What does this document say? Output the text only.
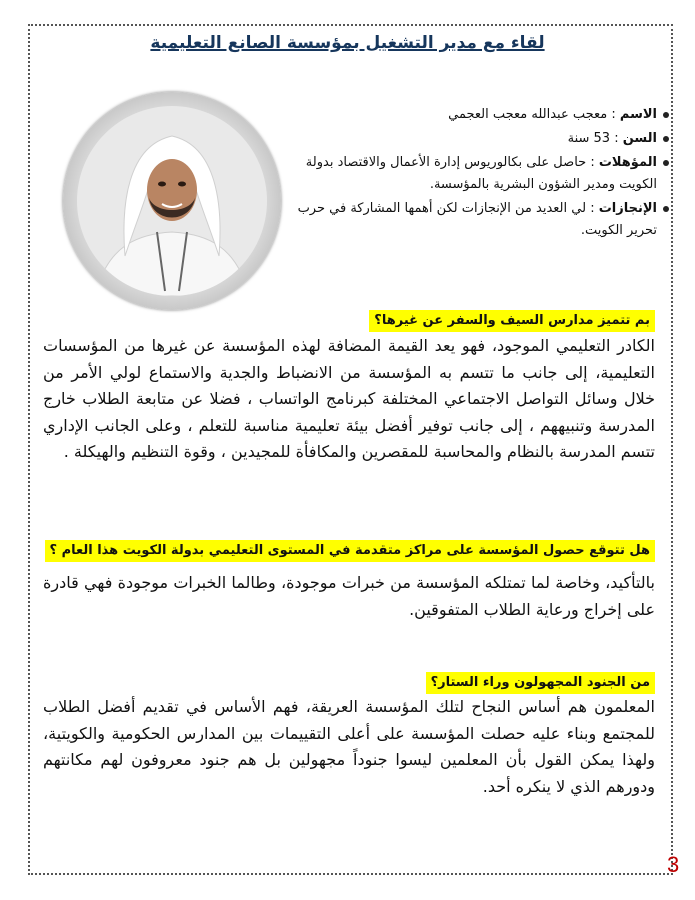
لقاء مع مدير التشغيل بمؤسسة الصانع التعليمية
الاسم : معجب عبدالله معجب العجمي
السن : 53 سنة
المؤهلات : حاصل على بكالوريوس إدارة الأعمال والاقتصاد بدولة الكويت ومدير الشؤون البشرية بالمؤسسة.
الإنجازات : لي العديد من الإنجازات لكن أهمها المشاركة في حرب تحرير الكويت.
بم تتميز مدارس السيف والسفر عن غيرها؟
الكادر التعليمي الموجود، فهو يعد القيمة المضافة لهذه المؤسسة عن غيرها من المؤسسات التعليمية، إلى جانب ما تتسم به المؤسسة من الانضباط والجدية والاستماع لولي الأمر من خلال وسائل التواصل الاجتماعي المختلفة كبرنامج الواتساب ، فضلا عن متابعة الطلاب خارج المدرسة وتنبيههم ، إلى جانب توفير أفضل بيئة تعليمية مناسبة للتعلم ، وعلى الجانب الإداري تتسم المدرسة بالنظام والمحاسبة للمقصرين والمكافأة للمجيدين ، وقوة التنظيم والهيكلة .
هل تتوقع حصول المؤسسة على مراكز متقدمة في المستوى التعليمي بدولة الكويت هذا العام ؟
بالتأكيد، وخاصة لما تمتلكه المؤسسة من خبرات موجودة، وطالما الخبرات موجودة فهي قادرة على إخراج ورعاية الطلاب المتفوقين.
من الجنود المجهولون وراء الستار؟
المعلمون هم أساس النجاح لتلك المؤسسة العريقة، فهم الأساس في تقديم أفضل الطلاب للمجتمع وبناء عليه حصلت المؤسسة على أعلى التقييمات بين المدارس الحكومية والكويتية، ولهذا يمكن القول بأن المعلمين ليسوا جنوداً مجهولين بل هم جنود معروفون لهم مكانتهم ودورهم الذي لا ينكره أحد.
3
